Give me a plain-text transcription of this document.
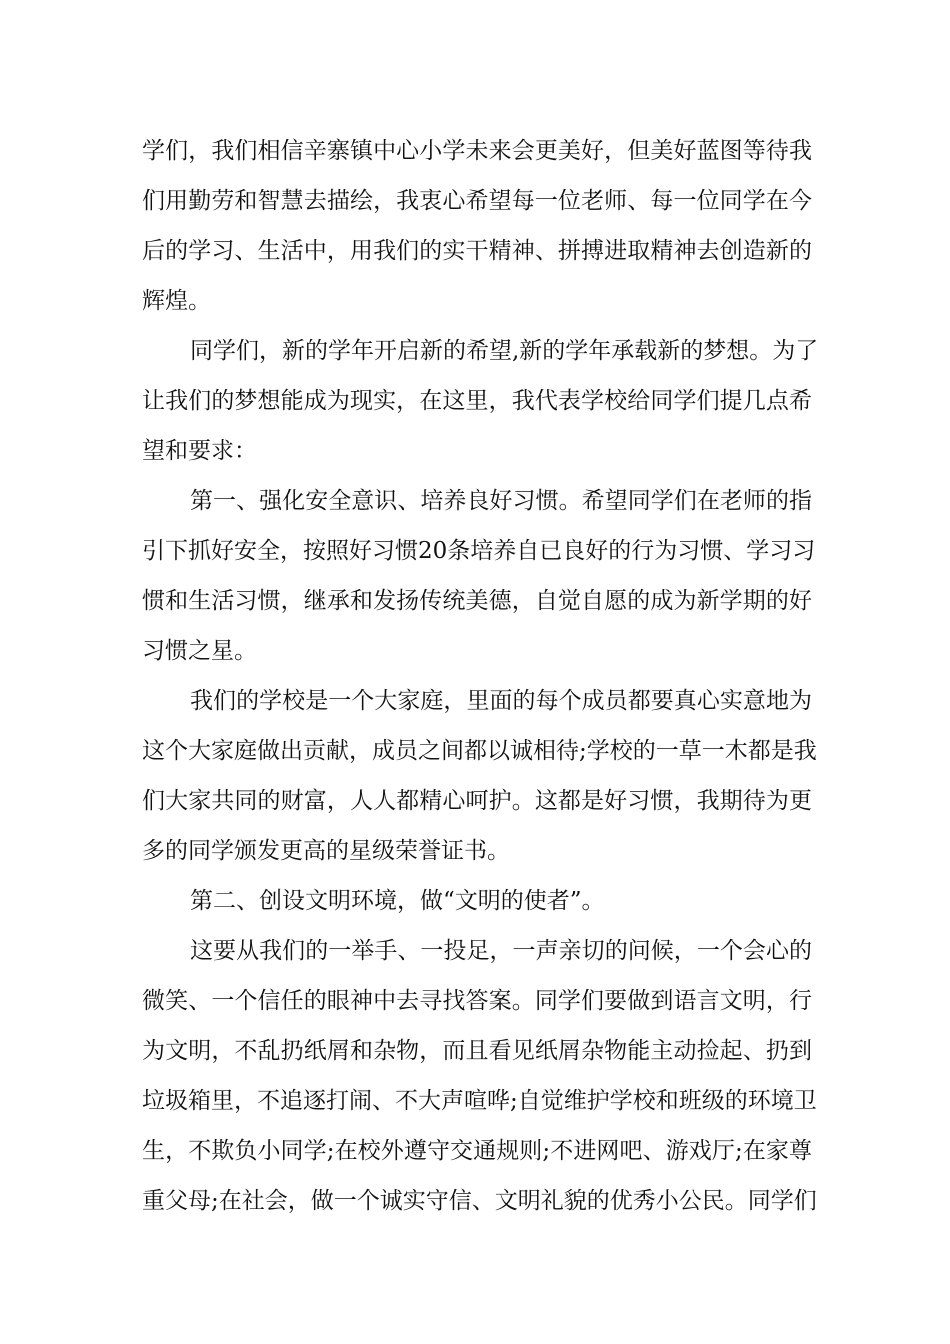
学们，我们相信辛寨镇中心小学未来会更美好，但美好蓝图等待我
们用勤劳和智慧去描绘，我衷心希望每一位老师、每一位同学在今
后的学习、生活中，用我们的实干精神、拼搏进取精神去创造新的
辉煌。
同学们，新的学年开启新的希望,新的学年承载新的梦想。为了
让我们的梦想能成为现实，在这里，我代表学校给同学们提几点希
望和要求：
第一、强化安全意识、培养良好习惯。希望同学们在老师的指
引下抓好安全，按照好习惯20条培养自已良好的行为习惯、学习习
惯和生活习惯，继承和发扬传统美德，自觉自愿的成为新学期的好
习惯之星。
我们的学校是一个大家庭，里面的每个成员都要真心实意地为
这个大家庭做出贡献，成员之间都以诚相待;学校的一草一木都是我
们大家共同的财富，人人都精心呵护。这都是好习惯，我期待为更
多的同学颁发更高的星级荣誉证书。
第二、创设文明环境，做“文明的使者”。
这要从我们的一举手、一投足，一声亲切的问候，一个会心的
微笑、一个信任的眼神中去寻找答案。同学们要做到语言文明，行
为文明，不乱扔纸屑和杂物，而且看见纸屑杂物能主动捡起、扔到
垃圾箱里，不追逐打闹、不大声喧哗;自觉维护学校和班级的环境卫
生，不欺负小同学;在校外遵守交通规则;不进网吧、游戏厅;在家尊
重父母;在社会，做一个诚实守信、文明礼貌的优秀小公民。同学们
